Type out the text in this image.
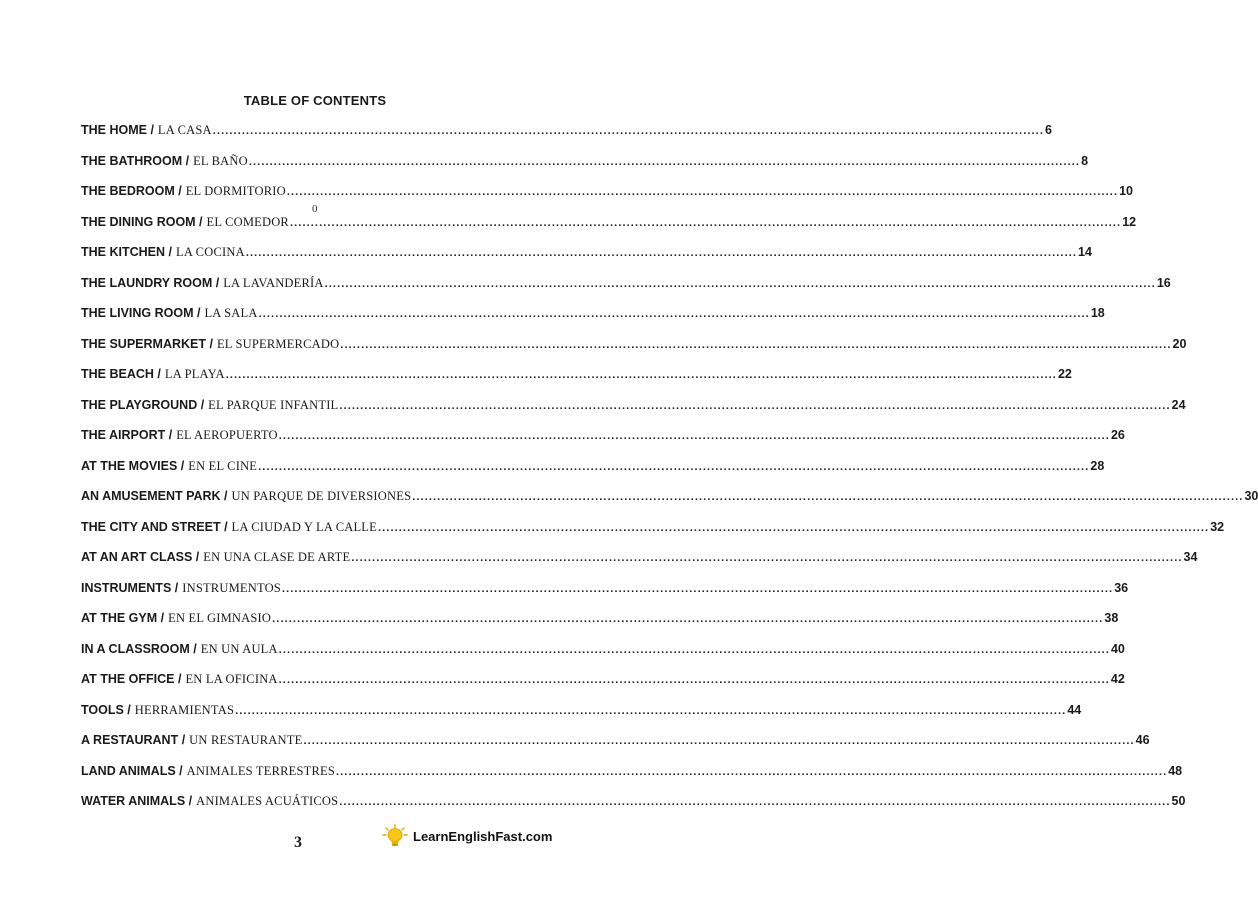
TABLE OF CONTENTS
THE HOME / LA CASA ........................................................................................................................................................................................................ 6
THE BATHROOM / EL BAÑO ........................................................................................................................................................................................................ 8
THE BEDROOM / EL DORMITORIO ........................................................................................................................................................................................................ 10
THE DINING ROOM / EL COMEDOR ........................................................................................................................................................................................................ 12
THE KITCHEN / LA COCINA ........................................................................................................................................................................................................ 14
THE LAUNDRY ROOM / LA LAVANDERÍA ........................................................................................................................................................................................................ 16
THE LIVING ROOM / LA SALA ........................................................................................................................................................................................................ 18
THE SUPERMARKET / EL SUPERMERCADO ........................................................................................................................................................................................................ 20
THE BEACH / LA PLAYA ........................................................................................................................................................................................................ 22
THE PLAYGROUND / EL PARQUE INFANTIL ........................................................................................................................................................................................................ 24
THE AIRPORT / EL AEROPUERTO ........................................................................................................................................................................................................ 26
AT THE MOVIES / EN EL CINE ........................................................................................................................................................................................................ 28
AN AMUSEMENT PARK / UN PARQUE DE DIVERSIONES ........................................................................................................................................................................................................ 30
THE CITY AND STREET / LA CIUDAD Y LA CALLE ........................................................................................................................................................................................................ 32
AT AN ART CLASS / EN UNA CLASE DE ARTE ........................................................................................................................................................................................................ 34
INSTRUMENTS / INSTRUMENTOS ........................................................................................................................................................................................................ 36
AT THE GYM / EN EL GIMNASIO ........................................................................................................................................................................................................ 38
IN A CLASSROOM / EN UN AULA ........................................................................................................................................................................................................ 40
AT THE OFFICE / EN LA OFICINA ........................................................................................................................................................................................................ 42
TOOLS / HERRAMIENTAS ........................................................................................................................................................................................................ 44
A RESTAURANT / UN RESTAURANTE ........................................................................................................................................................................................................ 46
LAND ANIMALS / ANIMALES TERRESTRES ........................................................................................................................................................................................................ 48
WATER ANIMALS / ANIMALES ACUÁTICOS ........................................................................................................................................................................................................ 50
0
3	LearnEnglishFast.com
